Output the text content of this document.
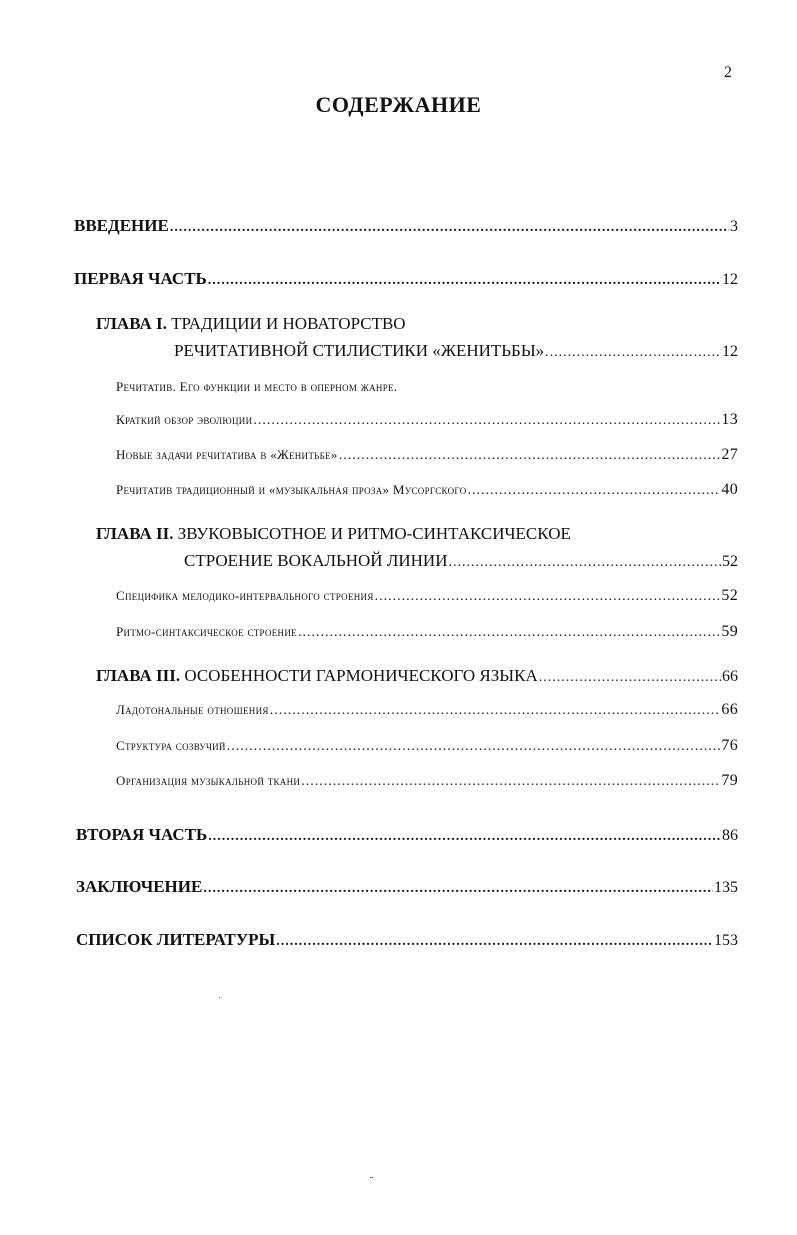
2
СОДЕРЖАНИЕ
ВВЕДЕНИЕ .....	3
ПЕРВАЯ ЧАСТЬ .....	12
ГЛАВА I. ТРАДИЦИИ И НОВАТОРСТВО
РЕЧИТАТИВНОЙ СТИЛИСТИКИ «ЖЕНИТЬБЫ» .....	12
Речитатив. Его функции и место в оперном жанре.
Краткий обзор эволюции .....	13
Новые задачи речитатива в «Женитьбе» .....	27
Речитатив традиционный и «музыкальная проза» Мусоргского .....	40
ГЛАВА II. ЗВУКОВЫСОТНОЕ И РИТМО-СИНТАКСИЧЕСКОЕ
СТРОЕНИЕ ВОКАЛЬНОЙ ЛИНИИ .....	52
Специфика мелодико-интервального строения .....	52
Ритмо-синтаксическое строение .....	59
ГЛАВА III. ОСОБЕННОСТИ ГАРМОНИЧЕСКОГО ЯЗЫКА .....	66
Ладотональные отношения .....	66
Структура созвучий .....	76
Организация музыкальной ткани .....	79
ВТОРАЯ ЧАСТЬ .....	86
ЗАКЛЮЧЕНИЕ .....	135
СПИСОК ЛИТЕРАТУРЫ .....	153
